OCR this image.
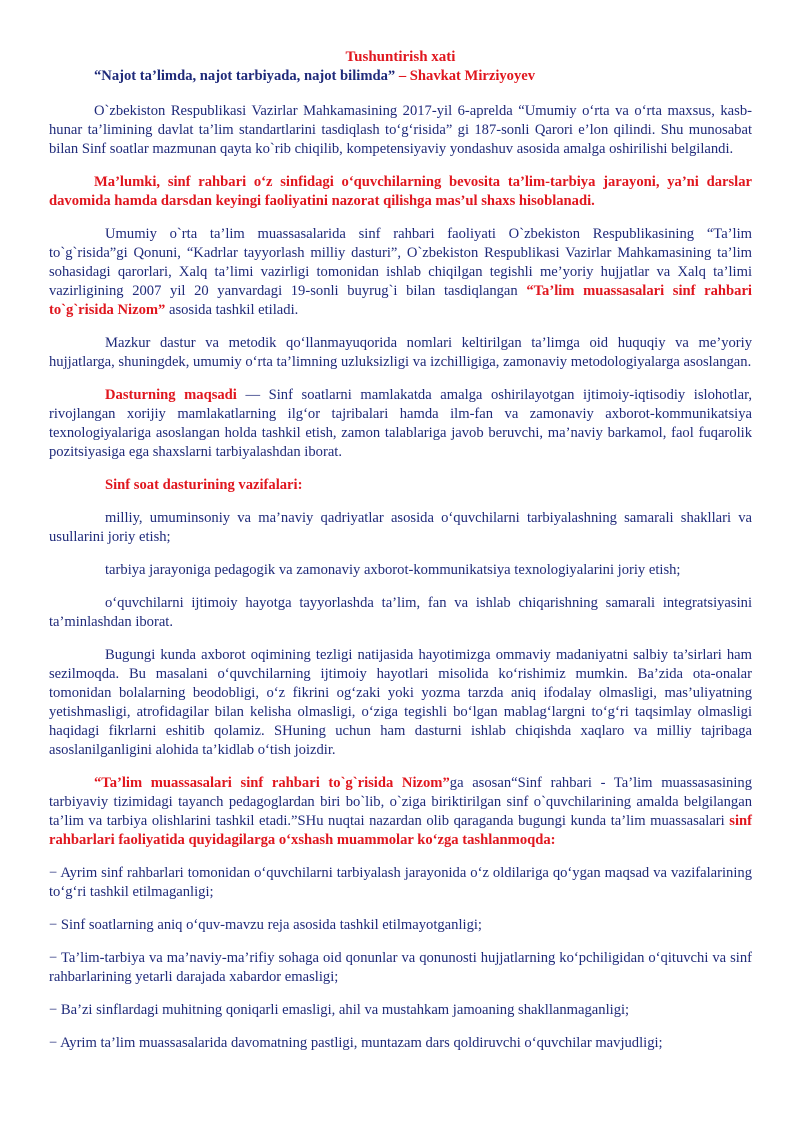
Tushuntirish xati
“Najot ta’limda, najot tarbiyada, najot bilimda” – Shavkat Mirziyoyev

O`zbekiston Respublikasi Vazirlar Mahkamasining 2017-yil 6-aprelda “Umumiy o‘rta va o‘rta maxsus, kasb-hunar ta’limining davlat ta’lim standartlarini tasdiqlash to‘g‘risida” gi 187-sonli Qarori e’lon qilindi. Shu munosabat bilan Sinf soatlar mazmunan qayta ko`rib chiqilib, kompetensiyaviy yondashuv asosida amalga oshirilishi belgilandi.

Ma’lumki, sinf rahbari o‘z sinfidagi o‘quvchilarning bevosita ta’lim-tarbiya jarayoni, ya’ni darslar davomida hamda darsdan keyingi faoliyatini nazorat qilishga mas’ul shaxs hisoblanadi.

Umumiy o`rta ta’lim muassasalarida sinf rahbari faoliyati O`zbekiston Respublikasining “Ta’lim to`g`risida”gi Qonuni, “Kadrlar tayyorlash milliy dasturi”, O`zbekiston Respublikasi Vazirlar Mahkamasining ta’lim sohasidagi qarorlari, Xalq ta’limi vazirligi tomonidan ishlab chiqilgan tegishli me’yoriy hujjatlar va Xalq ta’limi vazirligining 2007 yil 20 yanvardagi 19-sonli buyrug`i bilan tasdiqlangan “Ta’lim muassasalari sinf rahbari to`g`risida Nizom” asosida tashkil etiladi.

Mazkur dastur va metodik qo‘llanmayuqorida nomlari keltirilgan ta’limga oid huquqiy va me’yoriy hujjatlarga, shuningdek, umumiy o‘rta ta’limning uzluksizligi va izchilligiga, zamonaviy metodologiyalarga asoslangan.

Dasturning maqsadi — Sinf soatlarni mamlakatda amalga oshirilayotgan ijtimoiy-iqtisodiy islohotlar, rivojlangan xorijiy mamlakatlarning ilg‘or tajribalari hamda ilm-fan va zamonaviy axborot-kommunikatsiya texnologiyalariga asoslangan holda tashkil etish, zamon talablariga javob beruvchi, ma’naviy barkamol, faol fuqarolik pozitsiyasiga ega shaxslarni tarbiyalashdan iborat.

Sinf soat dasturining vazifalari:

milliy, umuminsoniy va ma’naviy qadriyatlar asosida o‘quvchilarni tarbiyalashning samarali shakllari va usullarini joriy etish;

tarbiya jarayoniga pedagogik va zamonaviy axborot-kommunikatsiya texnologiyalarini joriy etish;

o‘quvchilarni ijtimoiy hayotga tayyorlashda ta’lim, fan va ishlab chiqarishning samarali integratsiyasini ta’minlashdan iborat.

Bugungi kunda axborot oqimining tezligi natijasida hayotimizga ommaviy madaniyatni salbiy ta’sirlari ham sezilmoqda. Bu masalani o‘quvchilarning ijtimoiy hayotlari misolida ko‘rishimiz mumkin. Ba’zida ota-onalar tomonidan bolalarning beodobligi, o‘z fikrini og‘zaki yoki yozma tarzda aniq ifodalay olmasligi, mas’uliyatning yetishmasligi, atrofidagilar bilan kelisha olmasligi, o‘ziga tegishli bo‘lgan mablag‘largni to‘g‘ri taqsimlay olmasligi haqidagi fikrlarni eshitib qolamiz. SHuning uchun ham dasturni ishlab chiqishda xaqlaro va milliy tajribaga asoslanilganligini alohida ta’kidlab o‘tish joizdir.

“Ta’lim muassasalari sinf rahbari to`g`risida Nizom”ga asosan“Sinf rahbari - Ta’lim muassasasining tarbiyaviy tizimidagi tayanch pedagoglardan biri bo`lib, o`ziga biriktirilgan sinf o`quvchilarining amalda belgilangan ta’lim va tarbiya olishlarini tashkil etadi.”SHu nuqtai nazardan olib qaraganda bugungi kunda ta’lim muassasalari sinf rahbarlari faoliyatida quyidagilarga o‘xshash muammolar ko‘zga tashlanmoqda:

− Ayrim sinf rahbarlari tomonidan o‘quvchilarni tarbiyalash jarayonida o‘z oldilariga qo‘ygan maqsad va vazifalarining to‘g‘ri tashkil etilmaganligi;

− Sinf soatlarning aniq o‘quv-mavzu reja asosida tashkil etilmayotganligi;

− Ta’lim-tarbiya va ma’naviy-ma’rifiy sohaga oid qonunlar va qonunosti hujjatlarning ko‘pchiligidan o‘qituvchi va sinf rahbarlarining yetarli darajada xabardor emasligi;

− Ba’zi sinflardagi muhitning qoniqarli emasligi, ahil va mustahkam jamoaning shakllanmaganligi;

− Ayrim ta’lim muassasalarida davomatning pastligi, muntazam dars qoldiruvchi o‘quvchilar mavjudligi;
